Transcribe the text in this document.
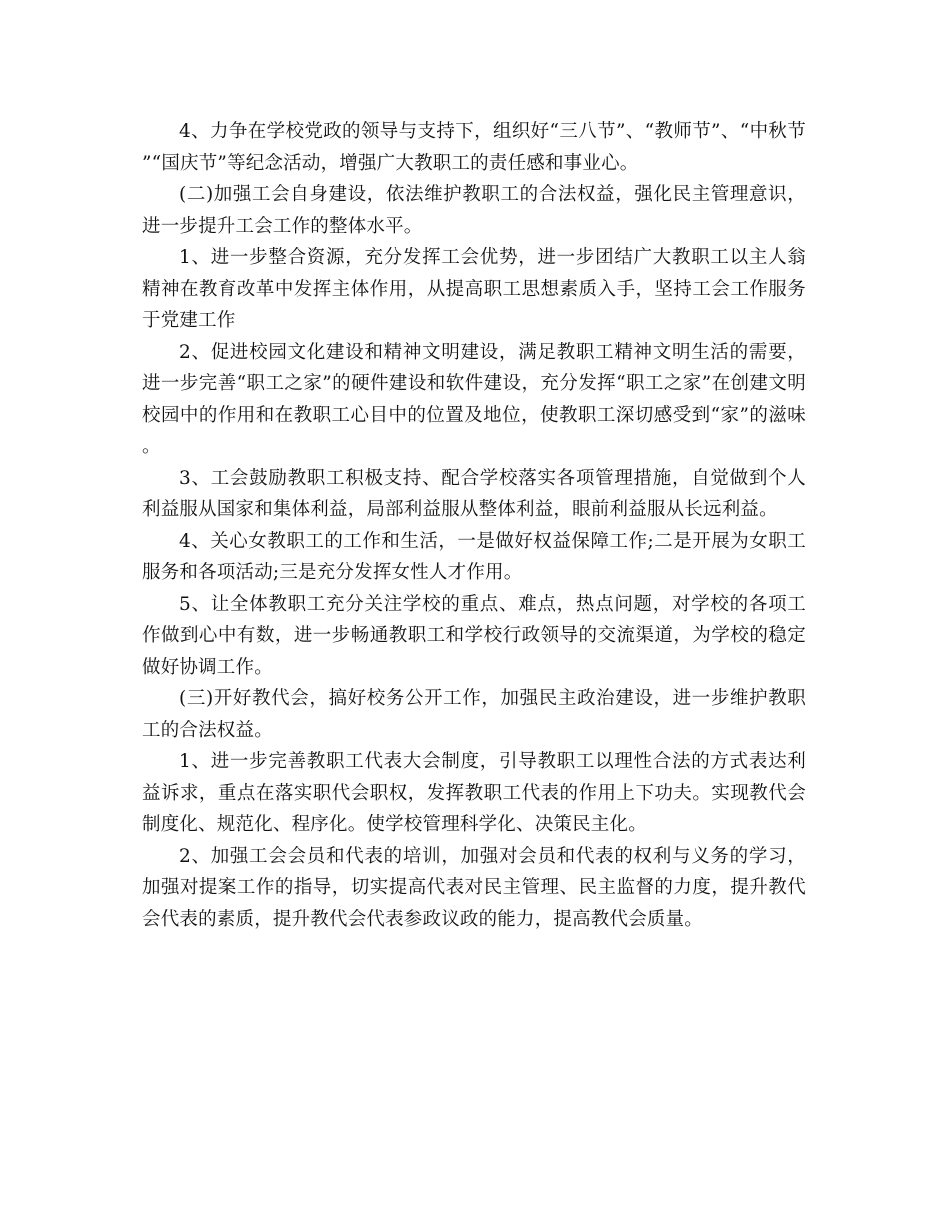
4、力争在学校党政的领导与支持下，组织好“三八节”、“教师节”、“中秋节”“国庆节”等纪念活动，增强广大教职工的责任感和事业心。

(二)加强工会自身建设，依法维护教职工的合法权益，强化民主管理意识，进一步提升工会工作的整体水平。

1、进一步整合资源，充分发挥工会优势，进一步团结广大教职工以主人翁精神在教育改革中发挥主体作用，从提高职工思想素质入手，坚持工会工作服务于党建工作

2、促进校园文化建设和精神文明建设，满足教职工精神文明生活的需要，进一步完善“职工之家”的硬件建设和软件建设，充分发挥“职工之家”在创建文明校园中的作用和在教职工心目中的位置及地位，使教职工深切感受到“家”的滋味。

3、工会鼓励教职工积极支持、配合学校落实各项管理措施，自觉做到个人利益服从国家和集体利益，局部利益服从整体利益，眼前利益服从长远利益。

4、关心女教职工的工作和生活，一是做好权益保障工作;二是开展为女职工服务和各项活动;三是充分发挥女性人才作用。

5、让全体教职工充分关注学校的重点、难点，热点问题，对学校的各项工作做到心中有数，进一步畅通教职工和学校行政领导的交流渠道，为学校的稳定做好协调工作。

(三)开好教代会，搞好校务公开工作，加强民主政治建设，进一步维护教职工的合法权益。

1、进一步完善教职工代表大会制度，引导教职工以理性合法的方式表达利益诉求，重点在落实职代会职权，发挥教职工代表的作用上下功夫。实现教代会制度化、规范化、程序化。使学校管理科学化、决策民主化。

2、加强工会会员和代表的培训，加强对会员和代表的权利与义务的学习，加强对提案工作的指导，切实提高代表对民主管理、民主监督的力度，提升教代会代表的素质，提升教代会代表参政议政的能力，提高教代会质量。
